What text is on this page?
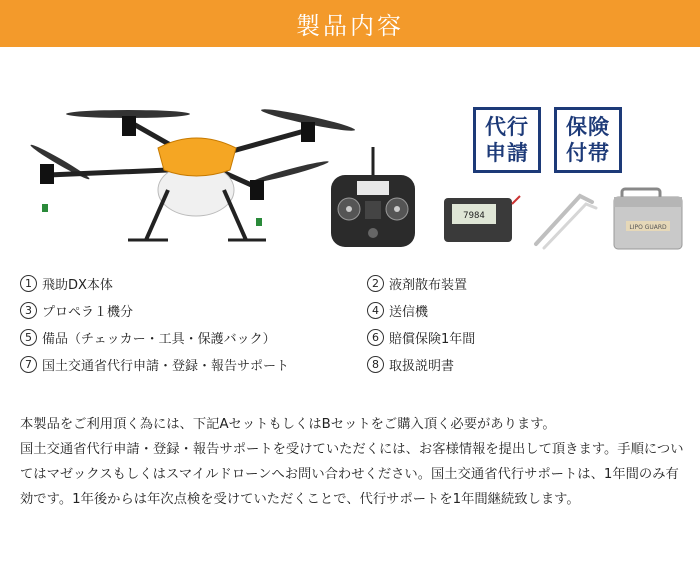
製品内容
代行申請
保険付帯
7984
LIPO GUARD
1 飛助DX本体	2 液剤散布装置
3 プロペラ１機分	4 送信機
5 備品（チェッカー・工具・保護バック）	6 賠償保険1年間
7 国土交通省代行申請・登録・報告サポート	8 取扱説明書

本製品をご利用頂く為には、下記AセットもしくはBセットをご購入頂く必要があります。

国土交通省代行申請・登録・報告サポートを受けていただくには、お客様情報を提出して頂きます。手順についてはマゼックスもしくはスマイルドローンへお問い合わせください。国土交通省代行サポートは、1年間のみ有効です。1年後からは年次点検を受けていただくことで、代行サポートを1年間継続致します。
